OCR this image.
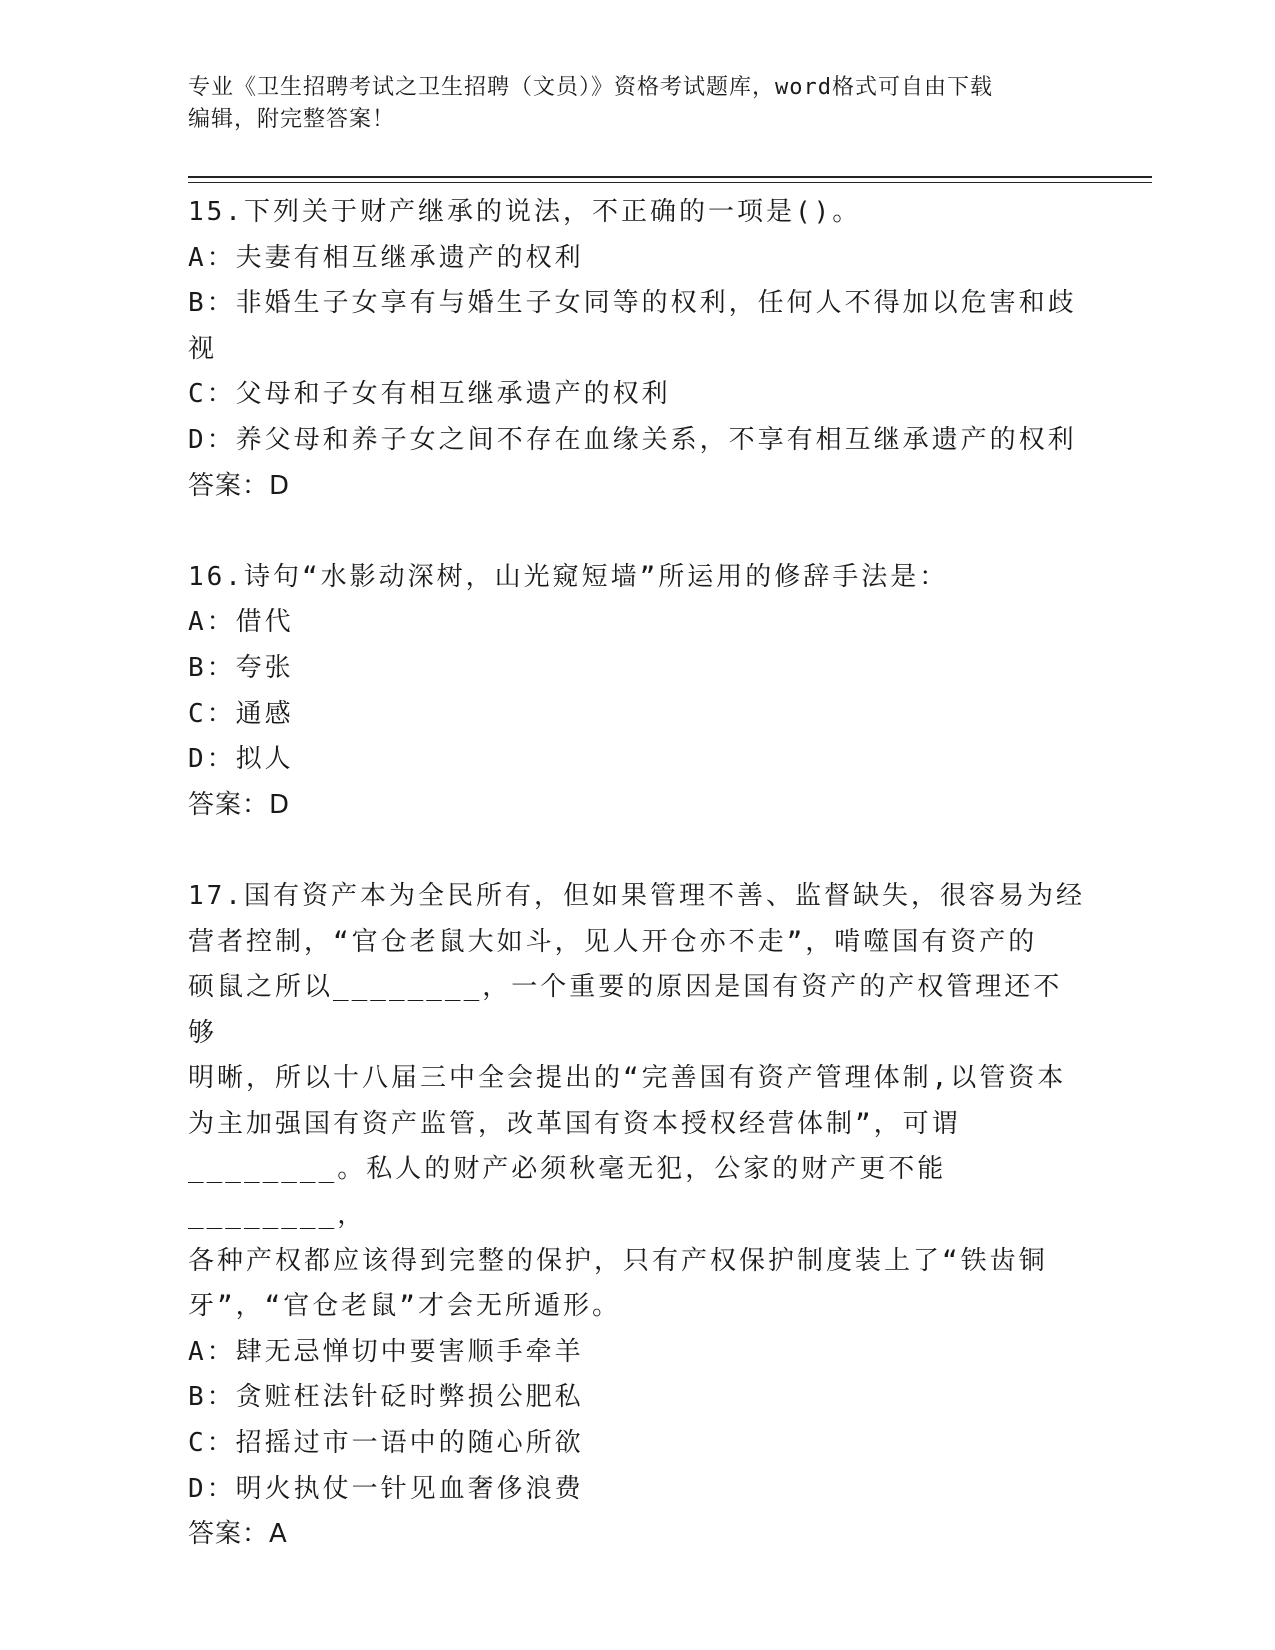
专业《卫生招聘考试之卫生招聘（文员）》资格考试题库，word格式可自由下载
编辑，附完整答案！
15.下列关于财产继承的说法，不正确的一项是()。
A：夫妻有相互继承遗产的权利
B：非婚生子女享有与婚生子女同等的权利，任何人不得加以危害和歧
视
C：父母和子女有相互继承遗产的权利
D：养父母和养子女之间不存在血缘关系，不享有相互继承遗产的权利
答案：D
16.诗句“水影动深树，山光窥短墙”所运用的修辞手法是：
A：借代
B：夸张
C：通感
D：拟人
答案：D
17.国有资产本为全民所有，但如果管理不善、监督缺失，很容易为经
营者控制，“官仓老鼠大如斗，见人开仓亦不走”，啃噬国有资产的
硕鼠之所以________，一个重要的原因是国有资产的产权管理还不够
明晰，所以十八届三中全会提出的“完善国有资产管理体制,以管资本
为主加强国有资产监管，改革国有资本授权经营体制”，可谓
________。私人的财产必须秋毫无犯，公家的财产更不能________，
各种产权都应该得到完整的保护，只有产权保护制度装上了“铁齿铜
牙”，“官仓老鼠”才会无所遁形。
A：肆无忌惮切中要害顺手牵羊
B：贪赃枉法针砭时弊损公肥私
C：招摇过市一语中的随心所欲
D：明火执仗一针见血奢侈浪费
答案：A
